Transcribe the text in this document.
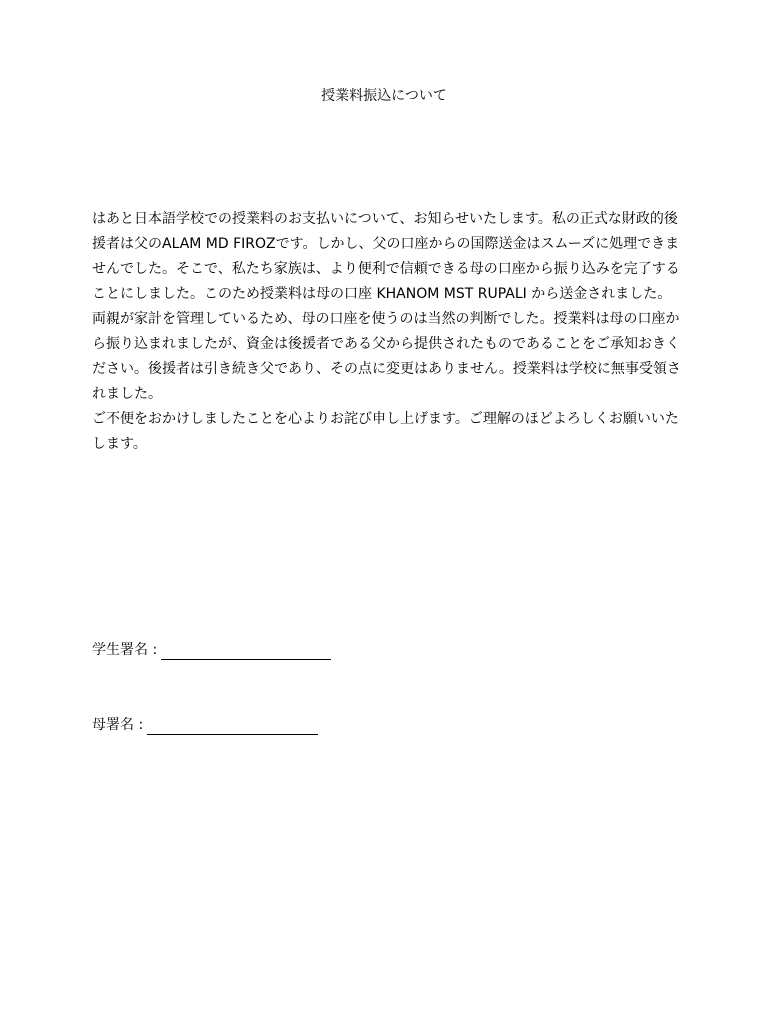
授業料振込について

はあと日本語学校での授業料のお支払いについて、お知らせいたします。私の正式な財政的後援者は父のALAM MD FIROZです。しかし、父の口座からの国際送金はスムーズに処理できませんでした。そこで、私たち家族は、より便利で信頼できる母の口座から振り込みを完了することにしました。このため授業料は母の口座 KHANOM MST RUPALI から送金されました。両親が家計を管理しているため、母の口座を使うのは当然の判断でした。授業料は母の口座から振り込まれましたが、資金は後援者である父から提供されたものであることをご承知おきください。後援者は引き続き父であり、その点に変更はありません。授業料は学校に無事受領されました。

ご不便をおかけしましたことを心よりお詫び申し上げます。ご理解のほどよろしくお願いいたします。

学生署名 :
母署名 :
